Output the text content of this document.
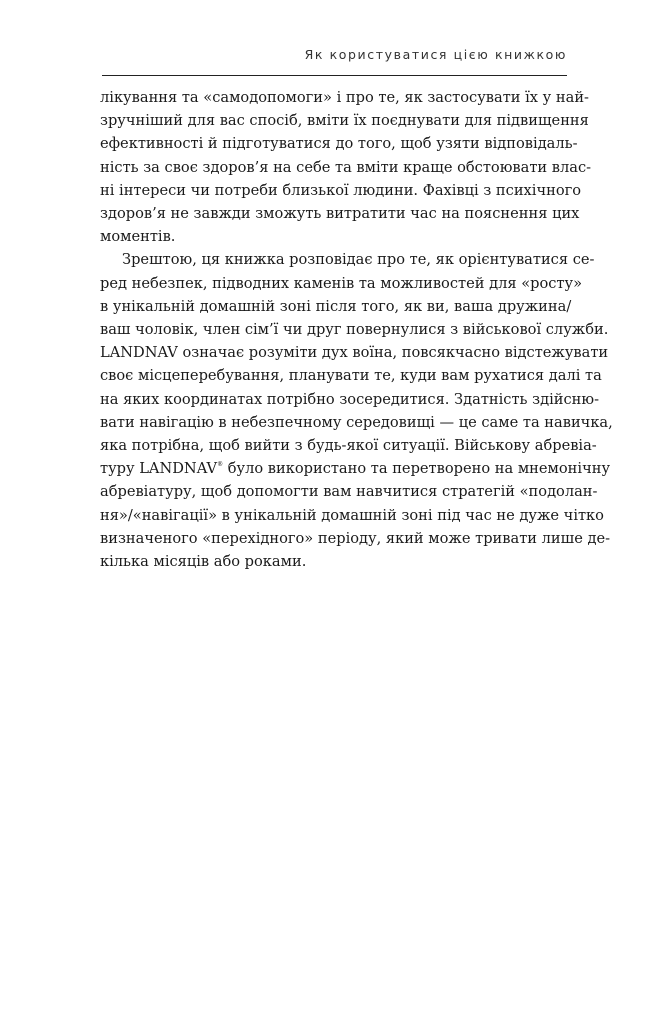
Як користуватися цією книжкою
лікування та «самодопомоги» і про те, як застосувати їх у най-
зручніший для вас спосіб, вміти їх поєднувати для підвищення
ефективності й підготуватися до того, щоб узяти відповідаль-
ність за своє здоров’я на себе та вміти краще обстоювати влас-
ні інтереси чи потреби близької людини. Фахівці з психічного
здоров’я не завжди зможуть витратити час на пояснення цих
моментів.
Зрештою, ця книжка розповідає про те, як орієнтуватися се-
ред небезпек, підводних каменів та можливостей для «росту»
в унікальній домашній зоні після того, як ви, ваша дружина/
ваш чоловік, член сім’ї чи друг повернулися з військової служби.
LANDNAV означає розуміти дух воїна, повсякчасно відстежувати
своє місцеперебування, планувати те, куди вам рухатися далі та
на яких координатах потрібно зосередитися. Здатність здійсню-
вати навігацію в небезпечному середовищі — це саме та навичка,
яка потрібна, щоб вийти з будь-якої ситуації. Військову абревіа-
туру LANDNAV® було використано та перетворено на мнемонічну
абревіатуру, щоб допомогти вам навчитися стратегій «подолан-
ня»/«навігації» в унікальній домашній зоні під час не дуже чітко
визначеного «перехідного» періоду, який може тривати лише де-
кілька місяців або роками.
